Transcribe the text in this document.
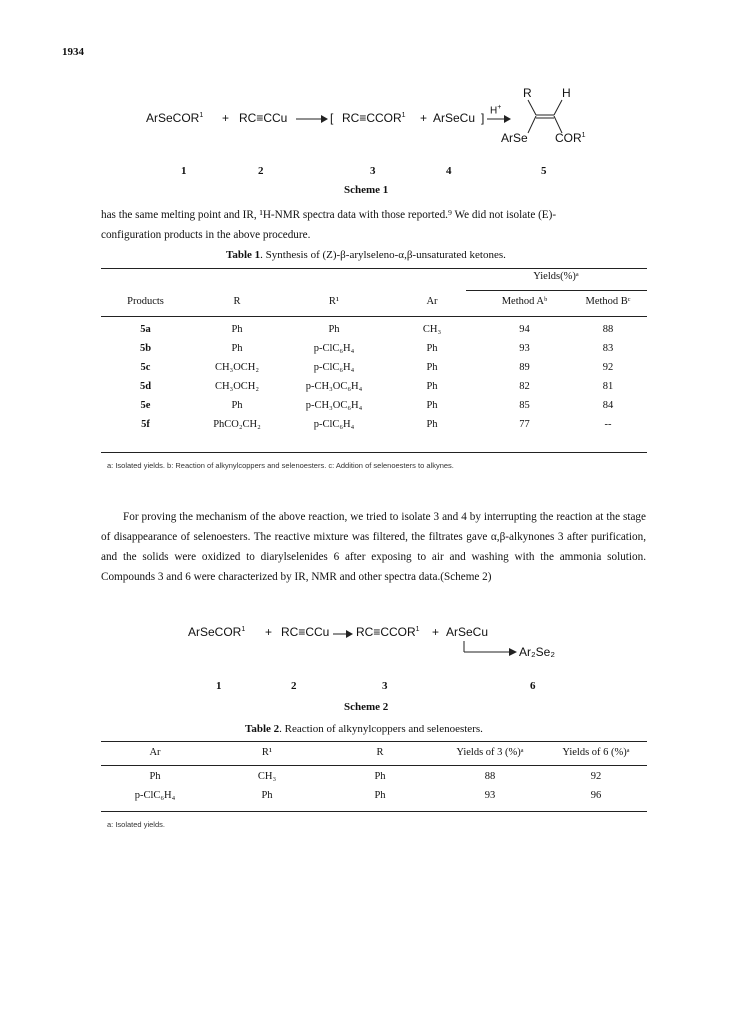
1934
ArSeCOR$^1$ + RC≡CCu	[ $RC\equiv CCOR^1$ + ArSeCu ]
H+
R	H
ArSe COR$^1$
1	2	3	4	5
Scheme 1

has the same melting point and IR, ¹H-NMR spectra data with those reported.⁹ We did not isolate (E)-

configuration products in the above procedure.

Table 1. Synthesis of (Z)-β-arylseleno-α,β-unsaturated ketones.
Yields(%)ᵃ
Products	R	R¹	Ar	Method Aᵇ	Method Bᶜ
5a	Ph	Ph	CH₃	94	88
5b	Ph	p-ClC₆H₄	Ph	93	83
5c	CH₃OCH₂	p-ClC₆H₄	Ph	89	92
5d	CH₃OCH₂	p-CH₃OC₆H₄	Ph	82	81
5e	Ph	p-CH₃OC₆H₄	Ph	85	84
5f	PhCO₂CH₂	p-ClC₆H₄	Ph	77	--
a: Isolated yields. b: Reaction of alkynylcoppers and selenoesters. c: Addition of selenoesters to alkynes.
For proving the mechanism of the above reaction, we tried to isolate 3 and 4 by interrupting the reaction at the stage of disappearance of selenoesters. The reactive mixture was filtered, the filtrates gave α,β-alkynones 3 after purification, and the solids were oxidized to diarylselenides 6 after exposing to air and washing with the ammonia solution. Compounds 3 and 6 were characterized by IR, NMR and other spectra data.(Scheme 2)
ArSeCOR$^1$ + RC≡CCu $RC\equiv CCOR^1$ + ArSeCu
Ar₂Se₂
1	2	3	6
Scheme 2
Table 2. Reaction of alkynylcoppers and selenoesters.
Ar	R¹	R	Yields of 3 (%)ᵃ	Yields of 6 (%)ᵃ
Ph	CH₃	Ph	88	92
p-ClC₆H₄	Ph	Ph	93	96
a: Isolated yields.
